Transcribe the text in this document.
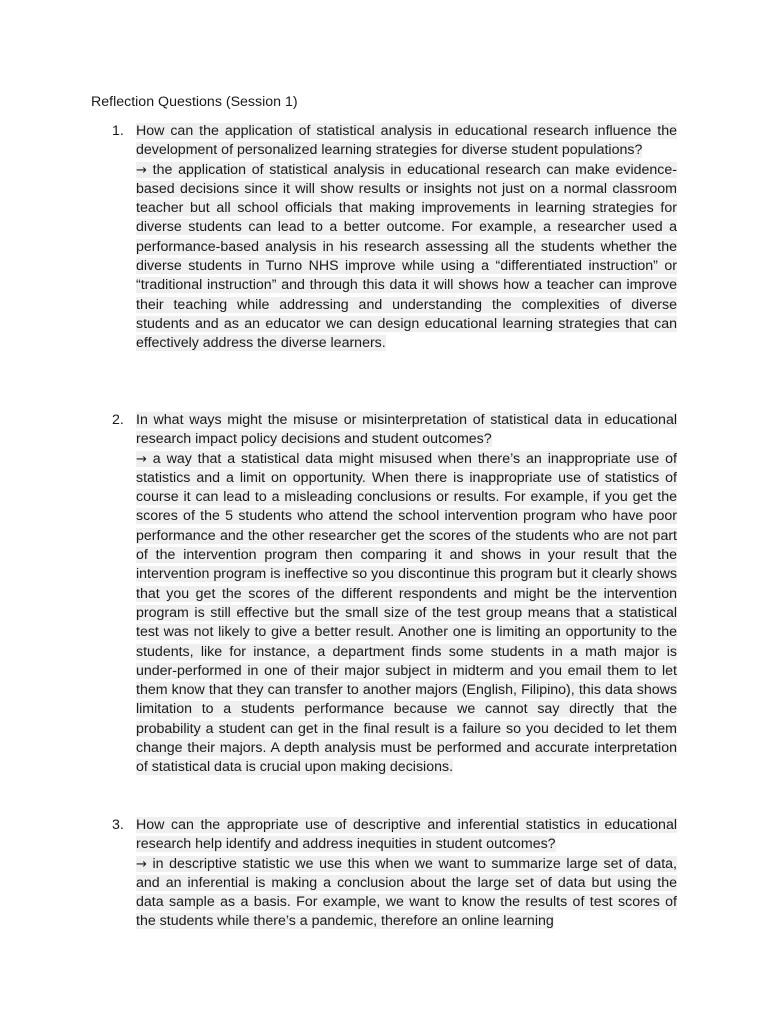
Reflection Questions (Session 1)
1. How can the application of statistical analysis in educational research influence the development of personalized learning strategies for diverse student populations?

→ the application of statistical analysis in educational research can make evidence-based decisions since it will show results or insights not just on a normal classroom teacher but all school officials that making improvements in learning strategies for diverse students can lead to a better outcome. For example, a researcher used a performance-based analysis in his research assessing all the students whether the diverse students in Turno NHS improve while using a “differentiated instruction” or “traditional instruction” and through this data it will shows how a teacher can improve their teaching while addressing and understanding the complexities of diverse students and as an educator we can design educational learning strategies that can effectively address the diverse learners.

2. In what ways might the misuse or misinterpretation of statistical data in educational research impact policy decisions and student outcomes?

→ a way that a statistical data might misused when there’s an inappropriate use of statistics and a limit on opportunity. When there is inappropriate use of statistics of course it can lead to a misleading conclusions or results. For example, if you get the scores of the 5 students who attend the school intervention program who have poor performance and the other researcher get the scores of the students who are not part of the intervention program then comparing it and shows in your result that the intervention program is ineffective so you discontinue this program but it clearly shows that you get the scores of the different respondents and might be the intervention program is still effective but the small size of the test group means that a statistical test was not likely to give a better result. Another one is limiting an opportunity to the students, like for instance, a department finds some students in a math major is under-performed in one of their major subject in midterm and you email them to let them know that they can transfer to another majors (English, Filipino), this data shows limitation to a students performance because we cannot say directly that the probability a student can get in the final result is a failure so you decided to let them change their majors. A depth analysis must be performed and accurate interpretation of statistical data is crucial upon making decisions.

3. How can the appropriate use of descriptive and inferential statistics in educational research help identify and address inequities in student outcomes?

→ in descriptive statistic we use this when we want to summarize large set of data, and an inferential is making a conclusion about the large set of data but using the data sample as a basis. For example, we want to know the results of test scores of the students while there’s a pandemic, therefore an online learning
